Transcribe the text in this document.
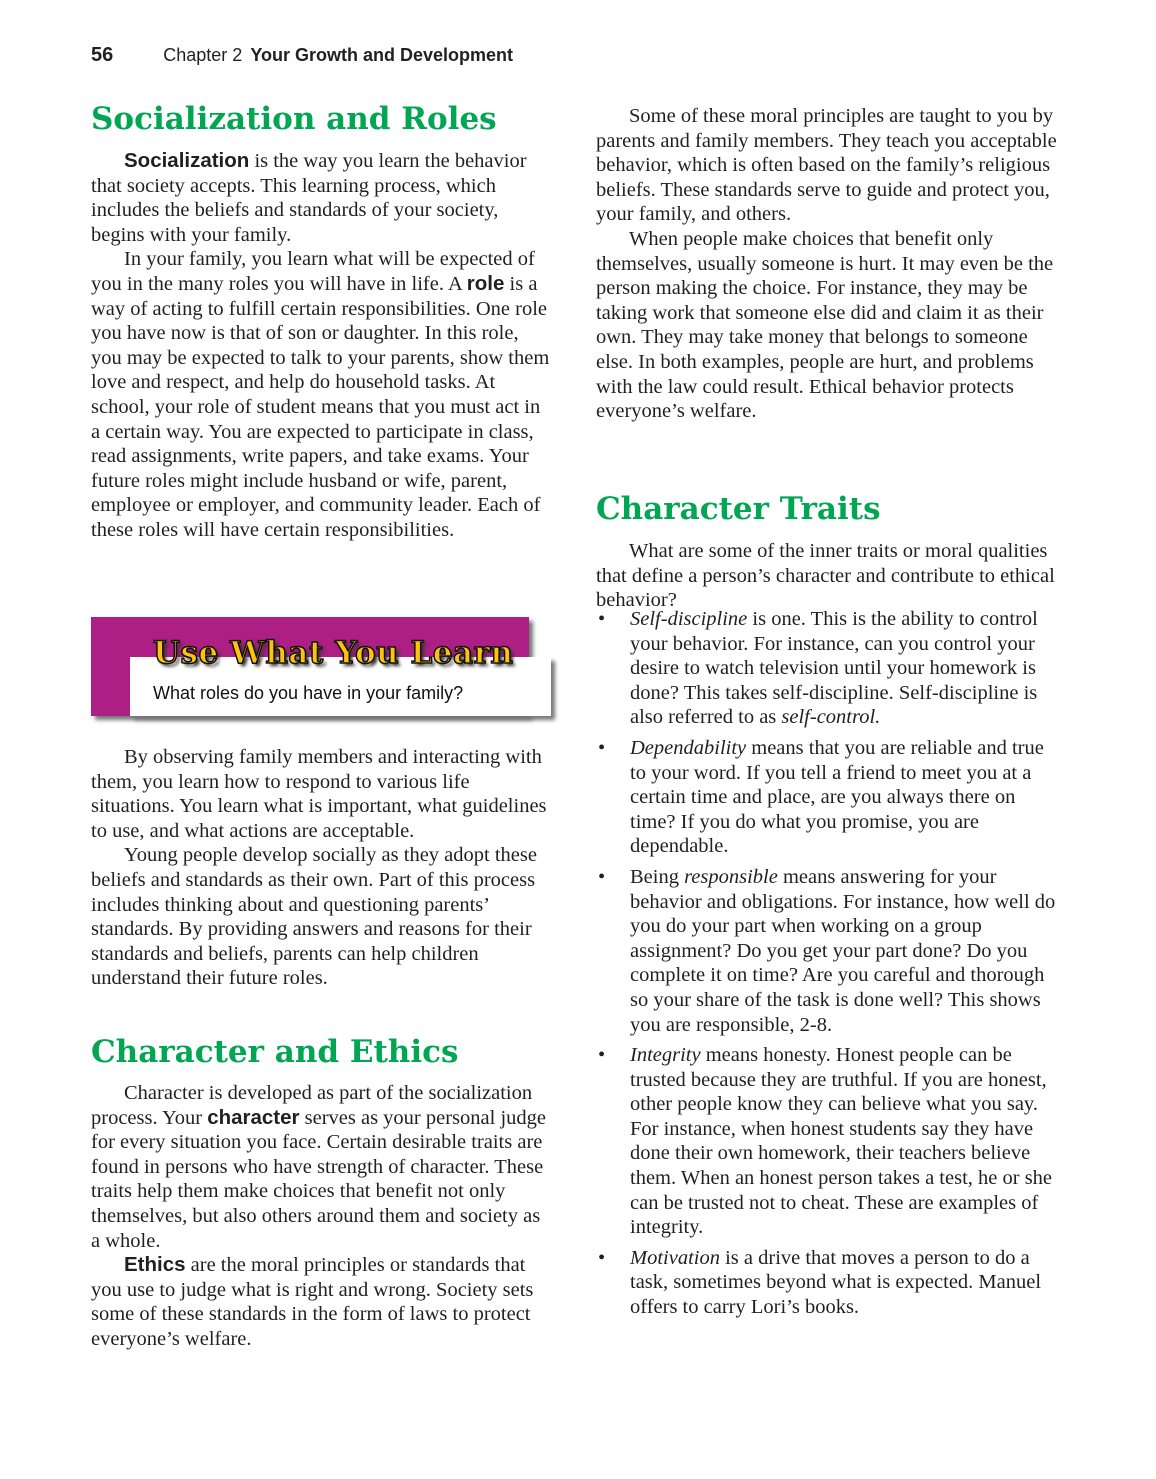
56	Chapter 2 Your Growth and Development
Socialization and Roles

Socialization is the way you learn the behavior that society accepts. This learning process, which includes the beliefs and standards of your society, begins with your family.

In your family, you learn what will be expected of you in the many roles you will have in life. A role is a way of acting to fulfill certain responsibilities. One role you have now is that of son or daughter. In this role, you may be expected to talk to your parents, show them love and respect, and help do household tasks. At school, your role of student means that you must act in a certain way. You are expected to participate in class, read assignments, write papers, and take exams. Your future roles might include husband or wife, parent, employee or employer, and community leader. Each of these roles will have certain responsibilities.

Use What You Learn
What roles do you have in your family?

By observing family members and interacting with them, you learn how to respond to various life situations. You learn what is important, what guidelines to use, and what actions are acceptable.

Young people develop socially as they adopt these beliefs and standards as their own. Part of this process includes thinking about and questioning parents’ standards. By providing answers and reasons for their standards and beliefs, parents can help children understand their future roles.

Character and Ethics

Character is developed as part of the socialization process. Your character serves as your personal judge for every situation you face. Certain desirable traits are found in persons who have strength of character. These traits help them make choices that benefit not only themselves, but also others around them and society as a whole.

Ethics are the moral principles or standards that you use to judge what is right and wrong. Society sets some of these standards in the form of laws to protect everyone’s welfare.

Some of these moral principles are taught to you by parents and family members. They teach you acceptable behavior, which is often based on the family’s religious beliefs. These standards serve to guide and protect you, your family, and others.

When people make choices that benefit only themselves, usually someone is hurt. It may even be the person making the choice. For instance, they may be taking work that someone else did and claim it as their own. They may take money that belongs to someone else. In both examples, people are hurt, and problems with the law could result. Ethical behavior protects everyone’s welfare.

Character Traits

What are some of the inner traits or moral qualities that define a person’s character and contribute to ethical behavior?

• Self-discipline is one. This is the ability to control your behavior. For instance, can you control your desire to watch television until your homework is done? This takes self-discipline. Self-discipline is also referred to as self-control.
• Dependability means that you are reliable and true to your word. If you tell a friend to meet you at a certain time and place, are you always there on time? If you do what you promise, you are dependable.
• Being responsible means answering for your behavior and obligations. For instance, how well do you do your part when working on a group assignment? Do you get your part done? Do you complete it on time? Are you careful and thorough so your share of the task is done well? This shows you are responsible, 2-8.
• Integrity means honesty. Honest people can be trusted because they are truthful. If you are honest, other people know they can believe what you say. For instance, when honest students say they have done their own homework, their teachers believe them. When an honest person takes a test, he or she can be trusted not to cheat. These are examples of integrity.
• Motivation is a drive that moves a person to do a task, sometimes beyond what is expected. Manuel offers to carry Lori’s books.
